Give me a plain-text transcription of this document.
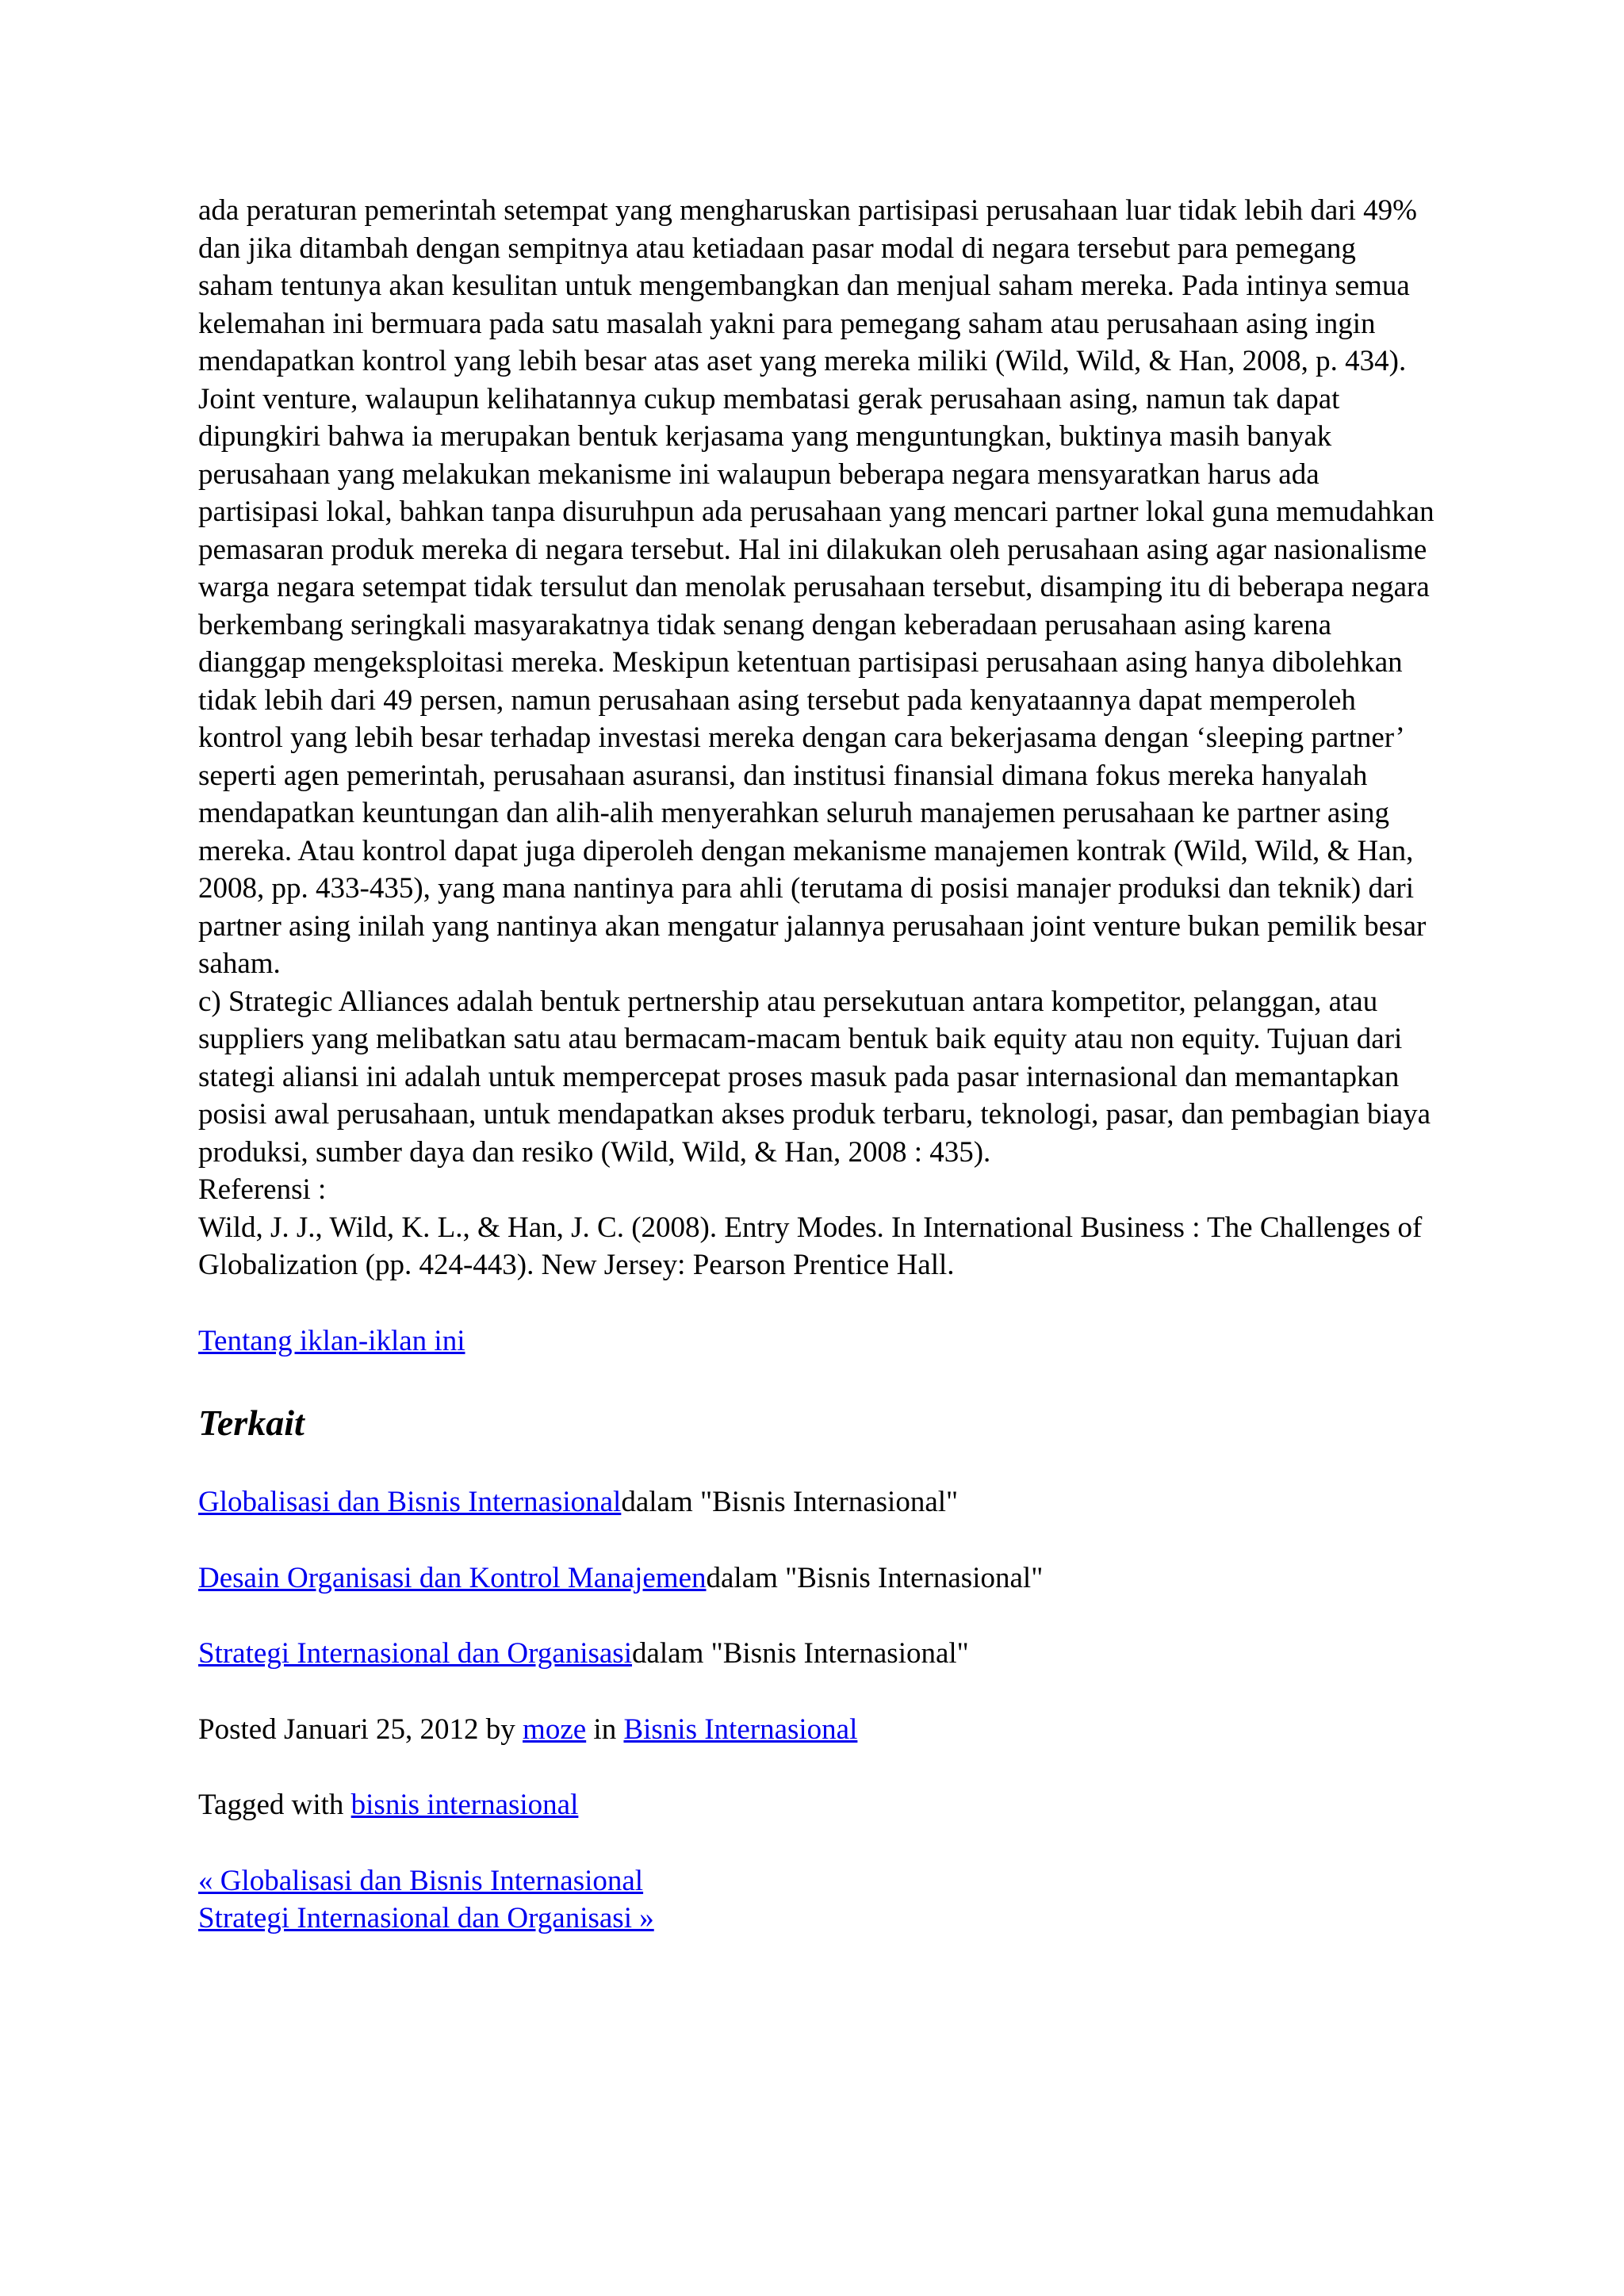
ada peraturan pemerintah setempat yang mengharuskan partisipasi perusahaan luar tidak lebih dari 49% dan jika ditambah dengan sempitnya atau ketiadaan pasar modal di negara tersebut para pemegang saham tentunya akan kesulitan untuk mengembangkan dan menjual saham mereka. Pada intinya semua kelemahan ini bermuara pada satu masalah yakni para pemegang saham atau perusahaan asing ingin mendapatkan kontrol yang lebih besar atas aset yang mereka miliki (Wild, Wild, & Han, 2008, p. 434).

Joint venture, walaupun kelihatannya cukup membatasi gerak perusahaan asing, namun tak dapat dipungkiri bahwa ia merupakan bentuk kerjasama yang menguntungkan, buktinya masih banyak perusahaan yang melakukan mekanisme ini walaupun beberapa negara mensyaratkan harus ada partisipasi lokal, bahkan tanpa disuruhpun ada perusahaan yang mencari partner lokal guna memudahkan pemasaran produk mereka di negara tersebut. Hal ini dilakukan oleh perusahaan asing agar nasionalisme warga negara setempat tidak tersulut dan menolak perusahaan tersebut, disamping itu di beberapa negara berkembang seringkali masyarakatnya tidak senang dengan keberadaan perusahaan asing karena dianggap mengeksploitasi mereka. Meskipun ketentuan partisipasi perusahaan asing hanya dibolehkan tidak lebih dari 49 persen, namun perusahaan asing tersebut pada kenyataannya dapat memperoleh kontrol yang lebih besar terhadap investasi mereka dengan cara bekerjasama dengan ‘sleeping partner’ seperti agen pemerintah, perusahaan asuransi, dan institusi finansial dimana fokus mereka hanyalah mendapatkan keuntungan dan alih-alih menyerahkan seluruh manajemen perusahaan ke partner asing mereka. Atau kontrol dapat juga diperoleh dengan mekanisme manajemen kontrak (Wild, Wild, & Han, 2008, pp. 433-435), yang mana nantinya para ahli (terutama di posisi manajer produksi dan teknik) dari partner asing inilah yang nantinya akan mengatur jalannya perusahaan joint venture bukan pemilik besar saham.

c) Strategic Alliances adalah bentuk pertnership atau persekutuan antara kompetitor, pelanggan, atau suppliers yang melibatkan satu atau bermacam-macam bentuk baik equity atau non equity. Tujuan dari stategi aliansi ini adalah untuk mempercepat proses masuk pada pasar internasional dan memantapkan posisi awal perusahaan, untuk mendapatkan akses produk terbaru, teknologi, pasar, dan pembagian biaya produksi, sumber daya dan resiko (Wild, Wild, & Han, 2008 : 435).

Referensi :

Wild, J. J., Wild, K. L., & Han, J. C. (2008). Entry Modes. In International Business : The Challenges of Globalization (pp. 424-443). New Jersey: Pearson Prentice Hall.

Tentang iklan-iklan ini
Terkait
Globalisasi dan Bisnis Internasionaldalam "Bisnis Internasional"
Desain Organisasi dan Kontrol Manajemendalam "Bisnis Internasional"
Strategi Internasional dan Organisasidalam "Bisnis Internasional"
Posted Januari 25, 2012 by moze in Bisnis Internasional
Tagged with bisnis internasional
« Globalisasi dan Bisnis Internasional
Strategi Internasional dan Organisasi »
